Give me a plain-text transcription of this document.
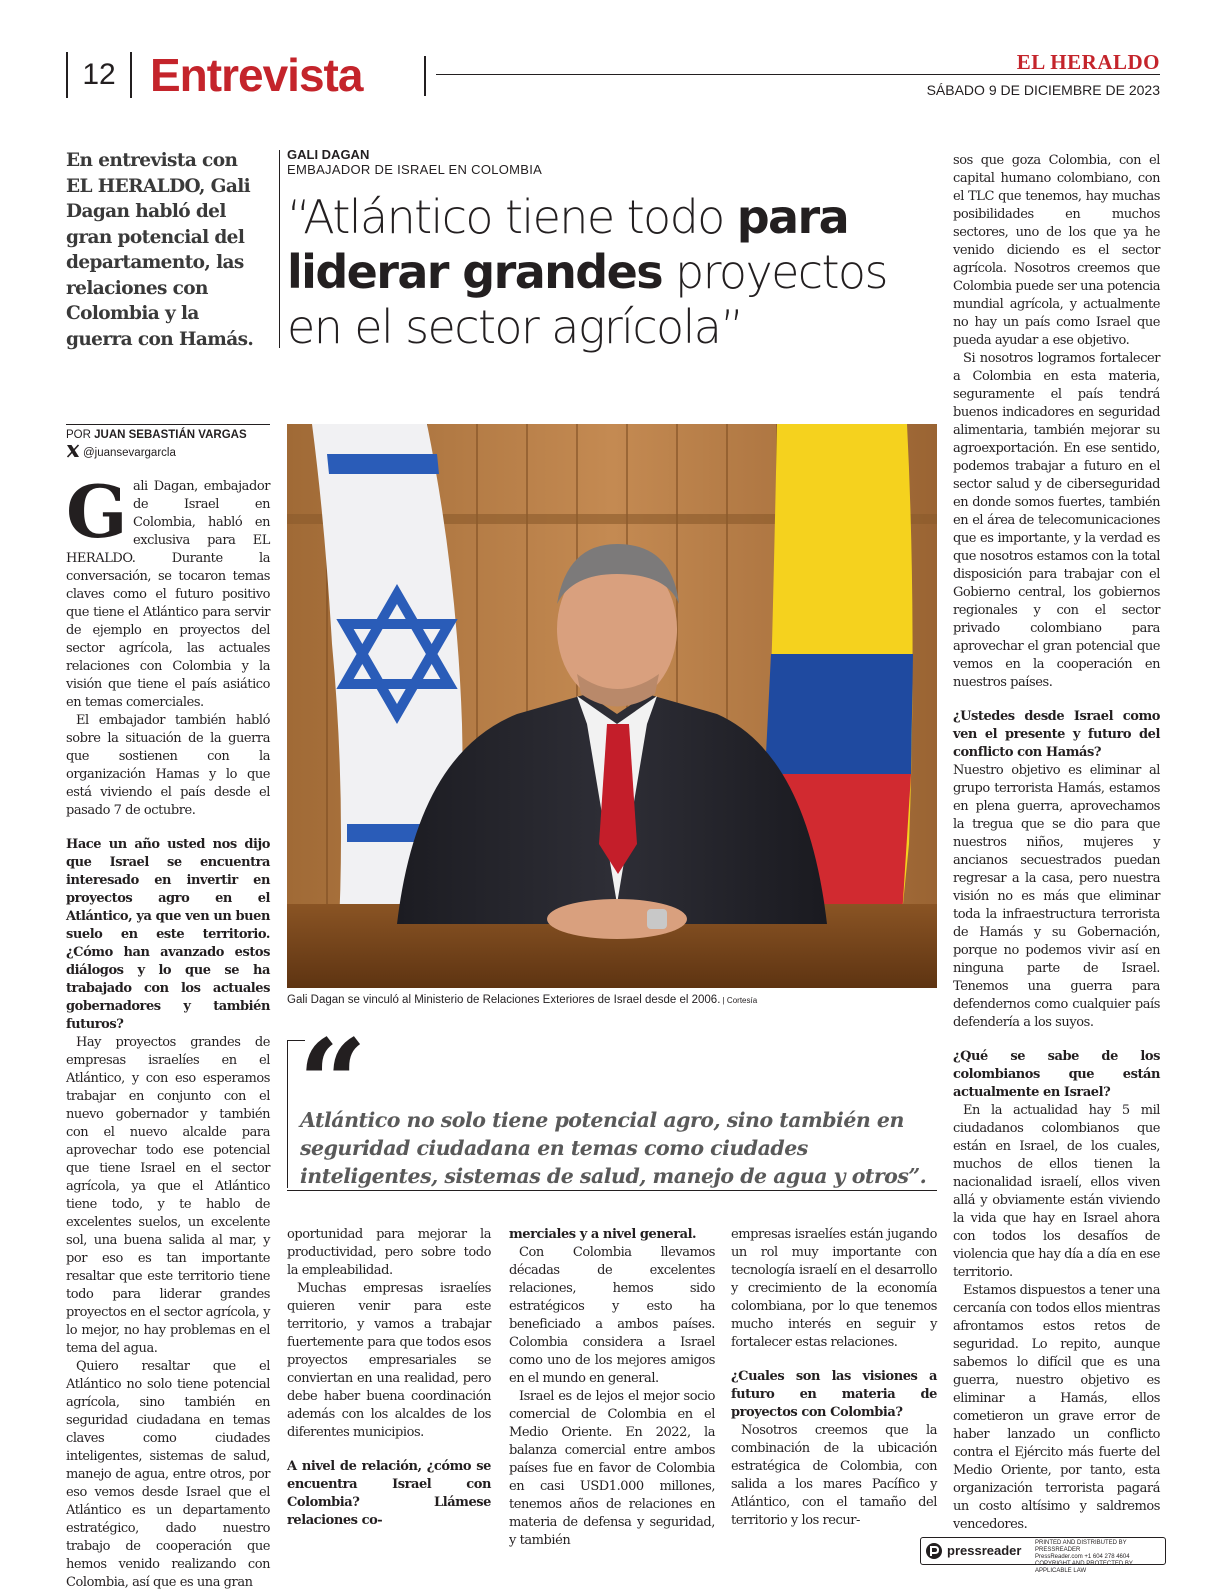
12 Entrevista	EL HERALDO
SÁBADO 9 DE DICIEMBRE DE 2023
En entrevista con EL HERALDO, Gali Dagan habló del gran potencial del departamento, las relaciones con Colombia y la guerra con Hamás.
GALI DAGAN
EMBAJADOR DE ISRAEL EN COLOMBIA
“Atlántico tiene todo para liderar grandes proyectos en el sector agrícola”
POR JUAN SEBASTIÁN VARGAS
@juansevargarcla

Gali Dagan, embajador de Israel en Colombia, habló en exclusiva para EL HERALDO. Durante la conversación, se tocaron temas claves como el futuro positivo que tiene el Atlántico para servir de ejemplo en proyectos del sector agrícola, las actuales relaciones con Colombia y la visión que tiene el país asiático en temas comerciales.

El embajador también habló sobre la situación de la guerra que sostienen con la organización Hamas y lo que está viviendo el país desde el pasado 7 de octubre.

Hace un año usted nos dijo que Israel se encuentra interesado en invertir en proyectos agro en el Atlántico, ya que ven un buen suelo en este territorio. ¿Cómo han avanzado estos diálogos y lo que se ha trabajado con los actuales gobernadores y también futuros?

Hay proyectos grandes de empresas israelíes en el Atlántico, y con eso esperamos trabajar en conjunto con el nuevo gobernador y también con el nuevo alcalde para aprovechar todo ese potencial que tiene Israel en el sector agrícola, ya que el Atlántico tiene todo, y te hablo de excelentes suelos, un excelente sol, una buena salida al mar, y por eso es tan importante resaltar que este territorio tiene todo para liderar grandes proyectos en el sector agrícola, y lo mejor, no hay problemas en el tema del agua.

Quiero resaltar que el Atlántico no solo tiene potencial agrícola, sino también en seguridad ciudadana en temas claves como ciudades inteligentes, sistemas de salud, manejo de agua, entre otros, por eso vemos desde Israel que el Atlántico es un departamento estratégico, dado nuestro trabajo de cooperación que hemos venido realizando con Colombia, así que es una gran

Gali Dagan se vinculó al Ministerio de Relaciones Exteriores de Israel desde el 2006. | Cortesía
“
Atlántico no solo tiene potencial agro, sino también en seguridad ciudadana en temas como ciudades inteligentes, sistemas de salud, manejo de agua y otros”.

oportunidad para mejorar la productividad, pero sobre todo la empleabilidad.

Muchas empresas israelíes quieren venir para este territorio, y vamos a trabajar fuertemente para que todos esos proyectos empresariales se conviertan en una realidad, pero debe haber buena coordinación además con los alcaldes de los diferentes municipios.

A nivel de relación, ¿cómo se encuentra Israel con Colombia? Llámese relaciones co-
merciales y a nivel general.

Con Colombia llevamos décadas de excelentes relaciones, hemos sido estratégicos y esto ha beneficiado a ambos países. Colombia considera a Israel como uno de los mejores amigos en el mundo en general.

Israel es de lejos el mejor socio comercial de Colombia en el Medio Oriente. En 2022, la balanza comercial entre ambos países fue en favor de Colombia en casi USD1.000 millones, tenemos años de relaciones en materia de defensa y seguridad, y también

empresas israelíes están jugando un rol muy importante con tecnología israelí en el desarrollo y crecimiento de la economía colombiana, por lo que tenemos mucho interés en seguir y fortalecer estas relaciones.

¿Cuales son las visiones a futuro en materia de proyectos con Colombia?

Nosotros creemos que la combinación de la ubicación estratégica de Colombia, con salida a los mares Pacífico y Atlántico, con el tamaño del territorio y los recur-

sos que goza Colombia, con el capital humano colombiano, con el TLC que tenemos, hay muchas posibilidades en muchos sectores, uno de los que ya he venido diciendo es el sector agrícola. Nosotros creemos que Colombia puede ser una potencia mundial agrícola, y actualmente no hay un país como Israel que pueda ayudar a ese objetivo.

Si nosotros logramos fortalecer a Colombia en esta materia, seguramente el país tendrá buenos indicadores en seguridad alimentaria, también mejorar su agroexportación. En ese sentido, podemos trabajar a futuro en el sector salud y de ciberseguridad en donde somos fuertes, también en el área de telecomunicaciones que es importante, y la verdad es que nosotros estamos con la total disposición para trabajar con el Gobierno central, los gobiernos regionales y con el sector privado colombiano para aprovechar el gran potencial que vemos en la cooperación en nuestros países.

¿Ustedes desde Israel como ven el presente y futuro del conflicto con Hamás?

Nuestro objetivo es eliminar al grupo terrorista Hamás, estamos en plena guerra, aprovechamos la tregua que se dio para que nuestros niños, mujeres y ancianos secuestrados puedan regresar a la casa, pero nuestra visión no es más que eliminar toda la infraestructura terrorista de Hamás y su Gobernación, porque no podemos vivir así en ninguna parte de Israel. Tenemos una guerra para defendernos como cualquier país defendería a los suyos.

¿Qué se sabe de los colombianos que están actualmente en Israel?

En la actualidad hay 5 mil ciudadanos colombianos que están en Israel, de los cuales, muchos de ellos tienen la nacionalidad israelí, ellos viven allá y obviamente están viviendo la vida que hay en Israel ahora con todos los desafíos de violencia que hay día a día en ese territorio.

Estamos dispuestos a tener una cercanía con todos ellos mientras afrontamos estos retos de seguridad. Lo repito, aunque sabemos lo difícil que es una guerra, nuestro objetivo es eliminar a Hamás, ellos cometieron un grave error de haber lanzado un conflicto contra el Ejército más fuerte del Medio Oriente, por tanto, esta organización terrorista pagará un costo altísimo y saldremos vencedores.

pressreader PRINTED AND DISTRIBUTED BY PRESSREADER
PressReader.com +1 604 278 4604
COPYRIGHT AND PROTECTED BY APPLICABLE LAW
